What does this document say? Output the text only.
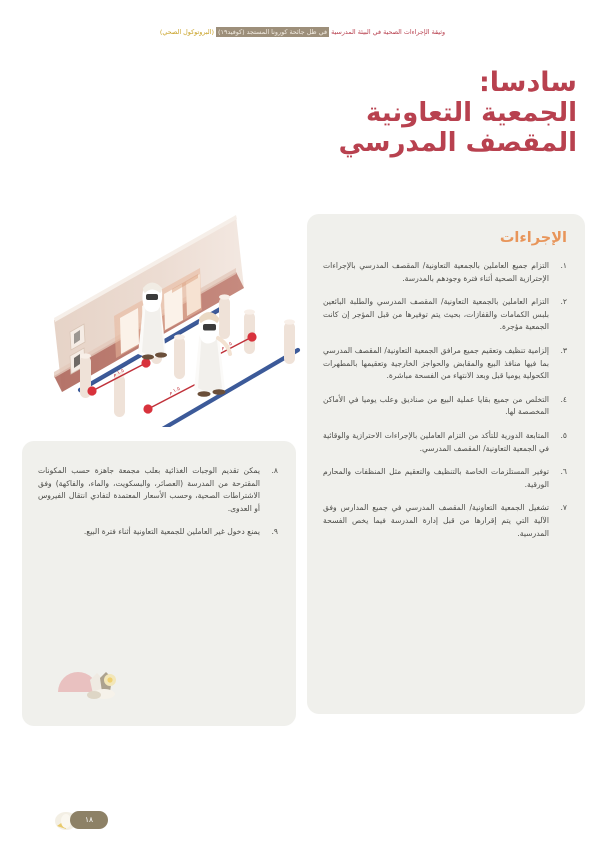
وثيقة الإجراءات الصحية في البيئة المدرسية في ظل جائحة كورونا المستجد (كوفيد١٩) (البروتوكول الصحي)
سادسا:
الجمعية التعاونية
المقصف المدرسي
١.٥ م
١.٥ م
١.٥ م
الإجراءات
١.
التزام جميع العاملين بالجمعية التعاونية/ المقصف المدرسي بالإجراءات الإحترازية الصحية أثناء فترة وجودهم بالمدرسة.
٢.
التزام العاملين بالجمعية التعاونية/ المقصف المدرسي والطلبة البائعين بلبس الكمامات والقفازات، بحيث يتم توفيرها من قبل المؤجر إن كانت الجمعية مؤجرة.
٣.
إلزامية تنظيف وتعقيم جميع مرافق الجمعية التعاونية/ المقصف المدرسي بما فيها منافذ البيع والمقابض والحواجز الخارجية وتعقيمها بالمطهرات الكحولية يوميا قبل وبعد الانتهاء من الفسحة مباشرة.
٤.
التخلص من جميع بقايا عملية البيع من صناديق وعلب يوميا في الأماكن المخصصة لها.
٥.
المتابعة الدورية للتأكد من التزام العاملين بالإجراءات الاحترازية والوقائية في الجمعية التعاونية/ المقصف المدرسي.
٦.
توفير المستلزمات الخاصة بالتنظيف والتعقيم مثل المنظفات والمحارم الورقية.
٧.
تشغيل الجمعية التعاونية/ المقصف المدرسي في جميع المدارس وفق الآلية التي يتم إقرارها من قبل إدارة المدرسة فيما يخص الفسحة المدرسية.
٨.
يمكن تقديم الوجبات الغذائية بعلب مجمعة جاهزة حسب المكونات المقترحة من المدرسة (العصائر، والبسكويت، والماء، والفاكهة) وفق الاشتراطات الصحية، وحسب الأسعار المعتمدة لتفادي انتقال الفيروس أو العدوى.
٩.
يمنع دخول غير العاملين للجمعية التعاونية أثناء فترة البيع.
١٨
